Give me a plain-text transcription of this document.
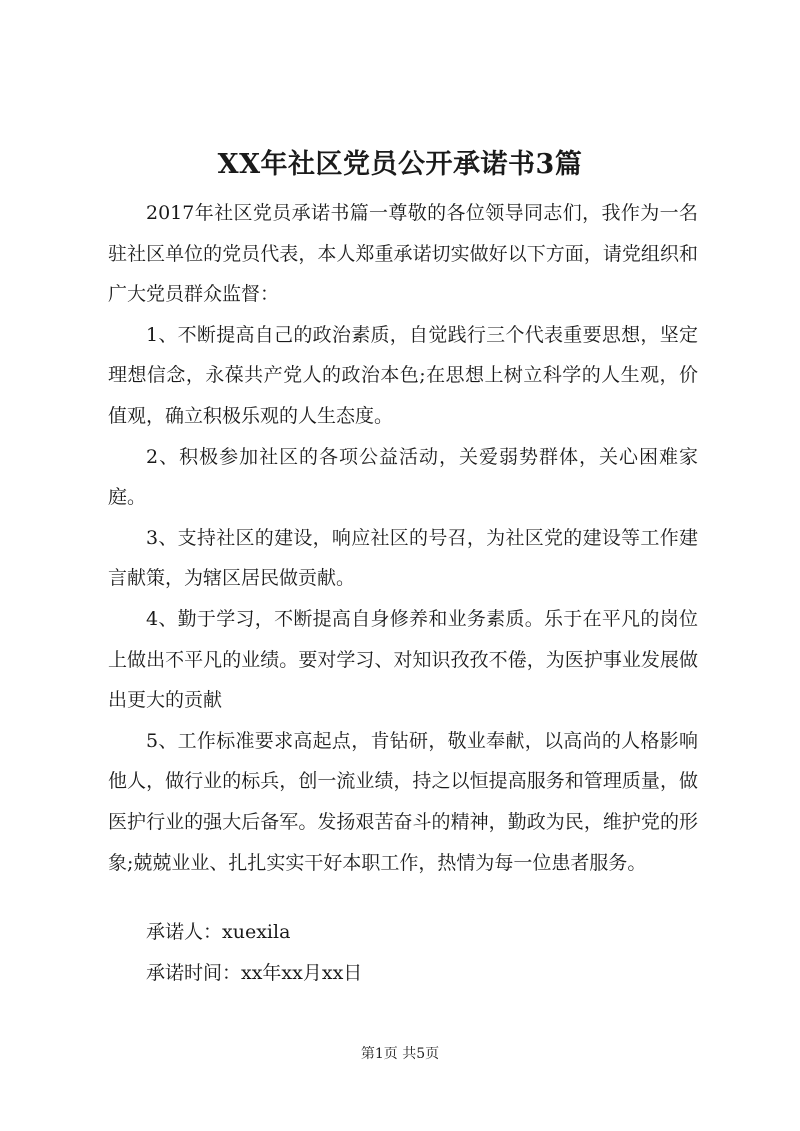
XX年社区党员公开承诺书3篇

2017年社区党员承诺书篇一尊敬的各位领导同志们，我作为一名驻社区单位的党员代表，本人郑重承诺切实做好以下方面，请党组织和广大党员群众监督：

1、不断提高自己的政治素质，自觉践行三个代表重要思想，坚定理想信念，永葆共产党人的政治本色;在思想上树立科学的人生观，价值观，确立积极乐观的人生态度。

2、积极参加社区的各项公益活动，关爱弱势群体，关心困难家庭。

3、支持社区的建设，响应社区的号召，为社区党的建设等工作建言献策，为辖区居民做贡献。

4、勤于学习，不断提高自身修养和业务素质。乐于在平凡的岗位上做出不平凡的业绩。要对学习、对知识孜孜不倦，为医护事业发展做出更大的贡献

5、工作标准要求高起点，肯钻研，敬业奉献，以高尚的人格影响他人，做行业的标兵，创一流业绩，持之以恒提高服务和管理质量，做医护行业的强大后备军。发扬艰苦奋斗的精神，勤政为民，维护党的形象;兢兢业业、扎扎实实干好本职工作，热情为每一位患者服务。

承诺人：xuexila

承诺时间：xx年xx月xx日

第1页 共5页
